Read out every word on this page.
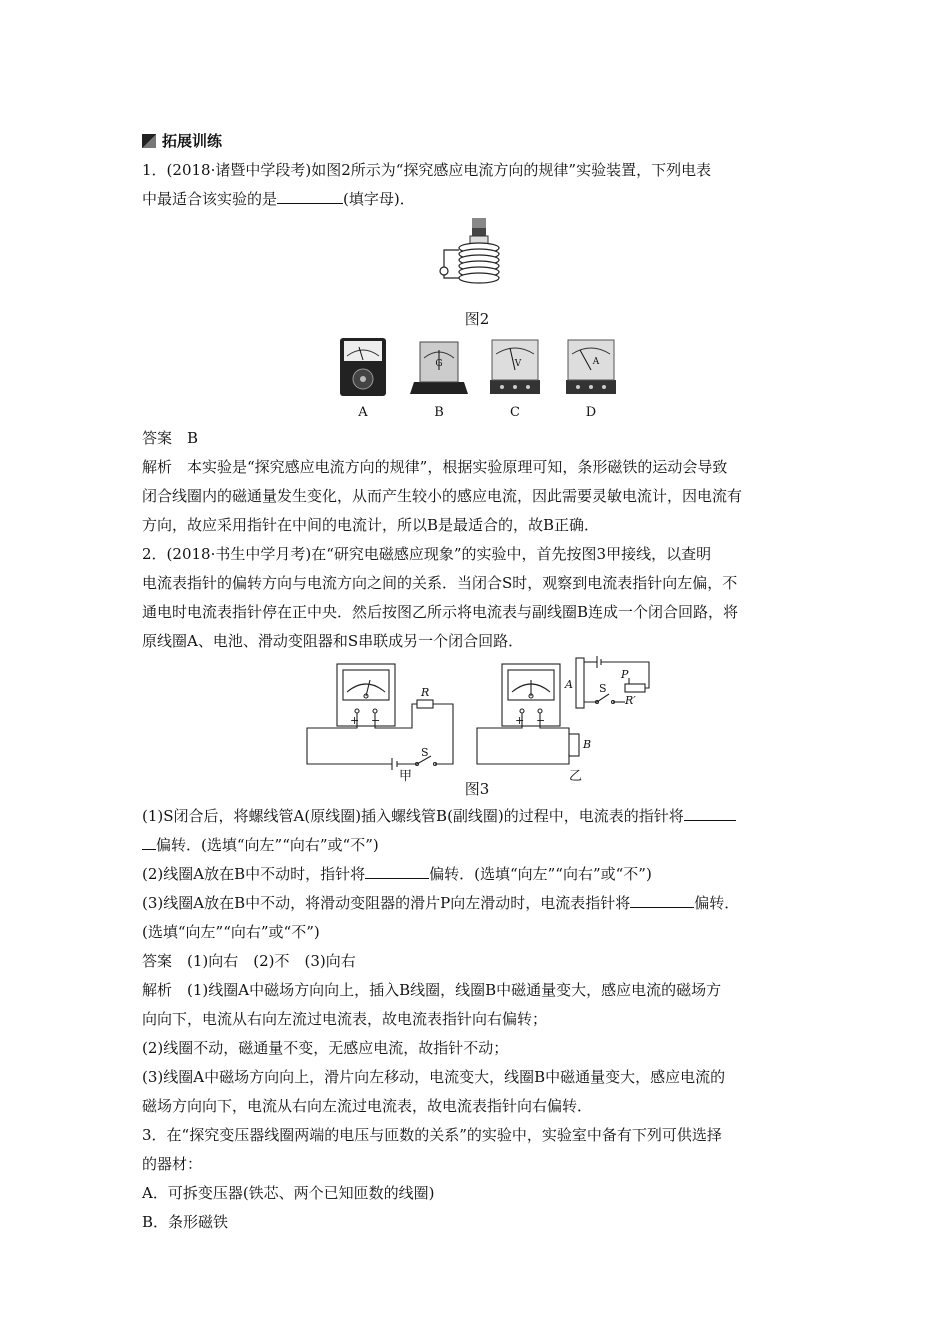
拓展训练
1．(2018·诸暨中学段考)如图2所示为“探究感应电流方向的规律”实验装置，下列电表
中最适合该实验的是	(填字母)．
图2
G	V	A
A	B	C	D
答案　B
解析　本实验是“探究感应电流方向的规律”，根据实验原理可知，条形磁铁的运动会导致
闭合线圈内的磁通量发生变化，从而产生较小的感应电流，因此需要灵敏电流计，因电流有
方向，故应采用指针在中间的电流计，所以B是最适合的，故B正确．
2．(2018·书生中学月考)在“研究电磁感应现象”的实验中，首先按图3甲接线，以查明
电流表指针的偏转方向与电流方向之间的关系．当闭合S时，观察到电流表指针向左偏，不
通电时电流表指针停在正中央．然后按图乙所示将电流表与副线圈B连成一个闭合回路，将
原线圈A、电池、滑动变阻器和S串联成另一个闭合回路．
+ −
R
S
甲
+ −
A
B
S
P
R′
乙
图3
(1)S闭合后，将螺线管A(原线圈)插入螺线管B(副线圈)的过程中，电流表的指针将
偏转．(选填“向左”“向右”或“不”)
(2)线圈A放在B中不动时，指针将	偏转．(选填“向左”“向右”或“不”)
(3)线圈A放在B中不动，将滑动变阻器的滑片P向左滑动时，电流表指针将	偏转．
(选填“向左”“向右”或“不”)
答案　(1)向右　(2)不　(3)向右
解析　(1)线圈A中磁场方向向上，插入B线圈，线圈B中磁通量变大，感应电流的磁场方
向向下，电流从右向左流过电流表，故电流表指针向右偏转；
(2)线圈不动，磁通量不变，无感应电流，故指针不动；
(3)线圈A中磁场方向向上，滑片向左移动，电流变大，线圈B中磁通量变大，感应电流的
磁场方向向下，电流从右向左流过电流表，故电流表指针向右偏转．
3．在“探究变压器线圈两端的电压与匝数的关系”的实验中，实验室中备有下列可供选择
的器材：
A．可拆变压器(铁芯、两个已知匝数的线圈)
B．条形磁铁
